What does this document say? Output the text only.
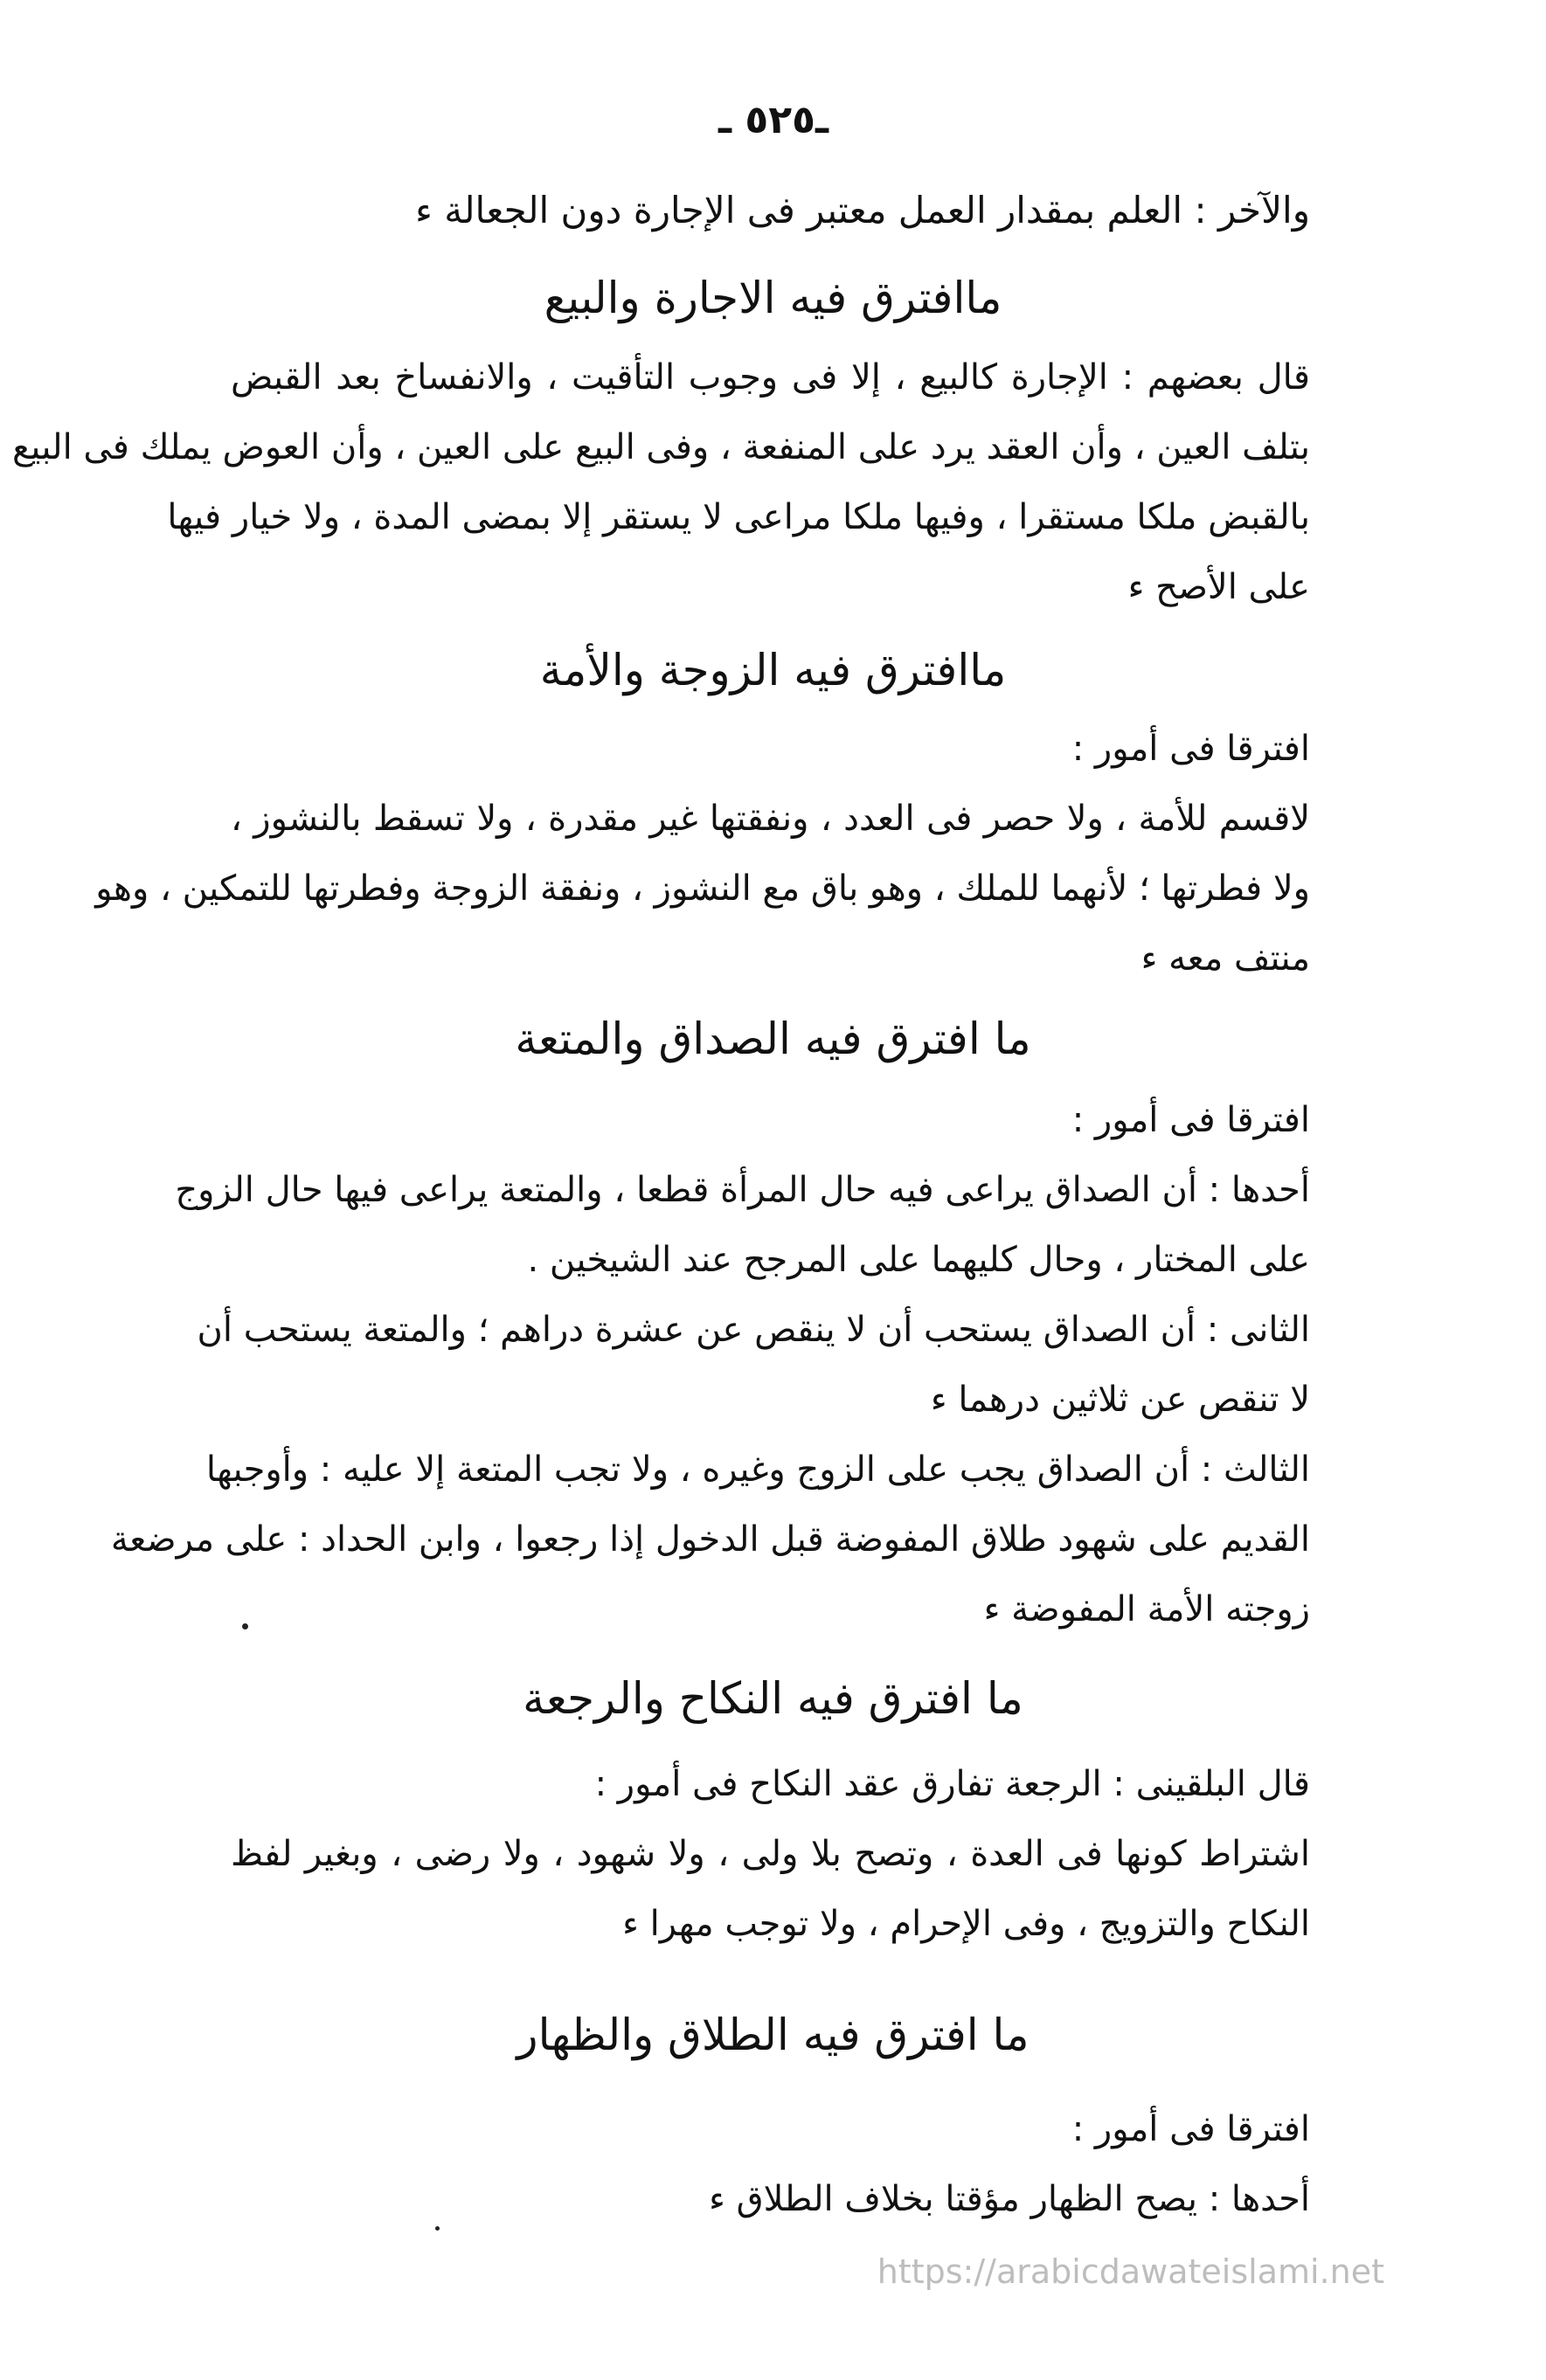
ـ٥٢٥ ـ
والآخر : العلم بمقدار العمل معتبر فى الإجارة دون الجعالة ء
ماافترق فيه الاجارة والبيع
قال بعضهم : الإجارة كالبيع ، إلا فى وجوب التأقيت ، والانفساخ بعد القبض
بتلف العين ، وأن العقد يرد على المنفعة ، وفى البيع على العين ، وأن العوض يملك فى البيع
بالقبض ملكا مستقرا ، وفيها ملكا مراعى لا يستقر إلا بمضى المدة ، ولا خيار فيها
على الأصح ء
ماافترق فيه الزوجة والأمة
افترقا فى أمور :
لاقسم للأمة ، ولا حصر فى العدد ، ونفقتها غير مقدرة ، ولا تسقط بالنشوز ،
ولا فطرتها ؛ لأنهما للملك ، وهو باق مع النشوز ، ونفقة الزوجة وفطرتها للتمكين ، وهو
منتف معه ء
ما افترق فيه الصداق والمتعة
افترقا فى أمور :
أحدها : أن الصداق يراعى فيه حال المرأة قطعا ، والمتعة يراعى فيها حال الزوج
على المختار ، وحال كليهما على المرجح عند الشيخين .
الثانى : أن الصداق يستحب أن لا ينقص عن عشرة دراهم ؛ والمتعة يستحب أن
لا تنقص عن ثلاثين درهما ء
الثالث : أن الصداق يجب على الزوج وغيره ، ولا تجب المتعة إلا عليه : وأوجبها
القديم على شهود طلاق المفوضة قبل الدخول إذا رجعوا ، وابن الحداد : على مرضعة
زوجته الأمة المفوضة ء
ما افترق فيه النكاح والرجعة
قال البلقينى : الرجعة تفارق عقد النكاح فى أمور :
اشتراط كونها فى العدة ، وتصح بلا ولى ، ولا شهود ، ولا رضى ، وبغير لفظ
النكاح والتزويج ، وفى الإحرام ، ولا توجب مهرا ء
ما افترق فيه الطلاق والظهار
افترقا فى أمور :
أحدها : يصح الظهار مؤقتا بخلاف الطلاق ء
https://arabicdawateislami.net
